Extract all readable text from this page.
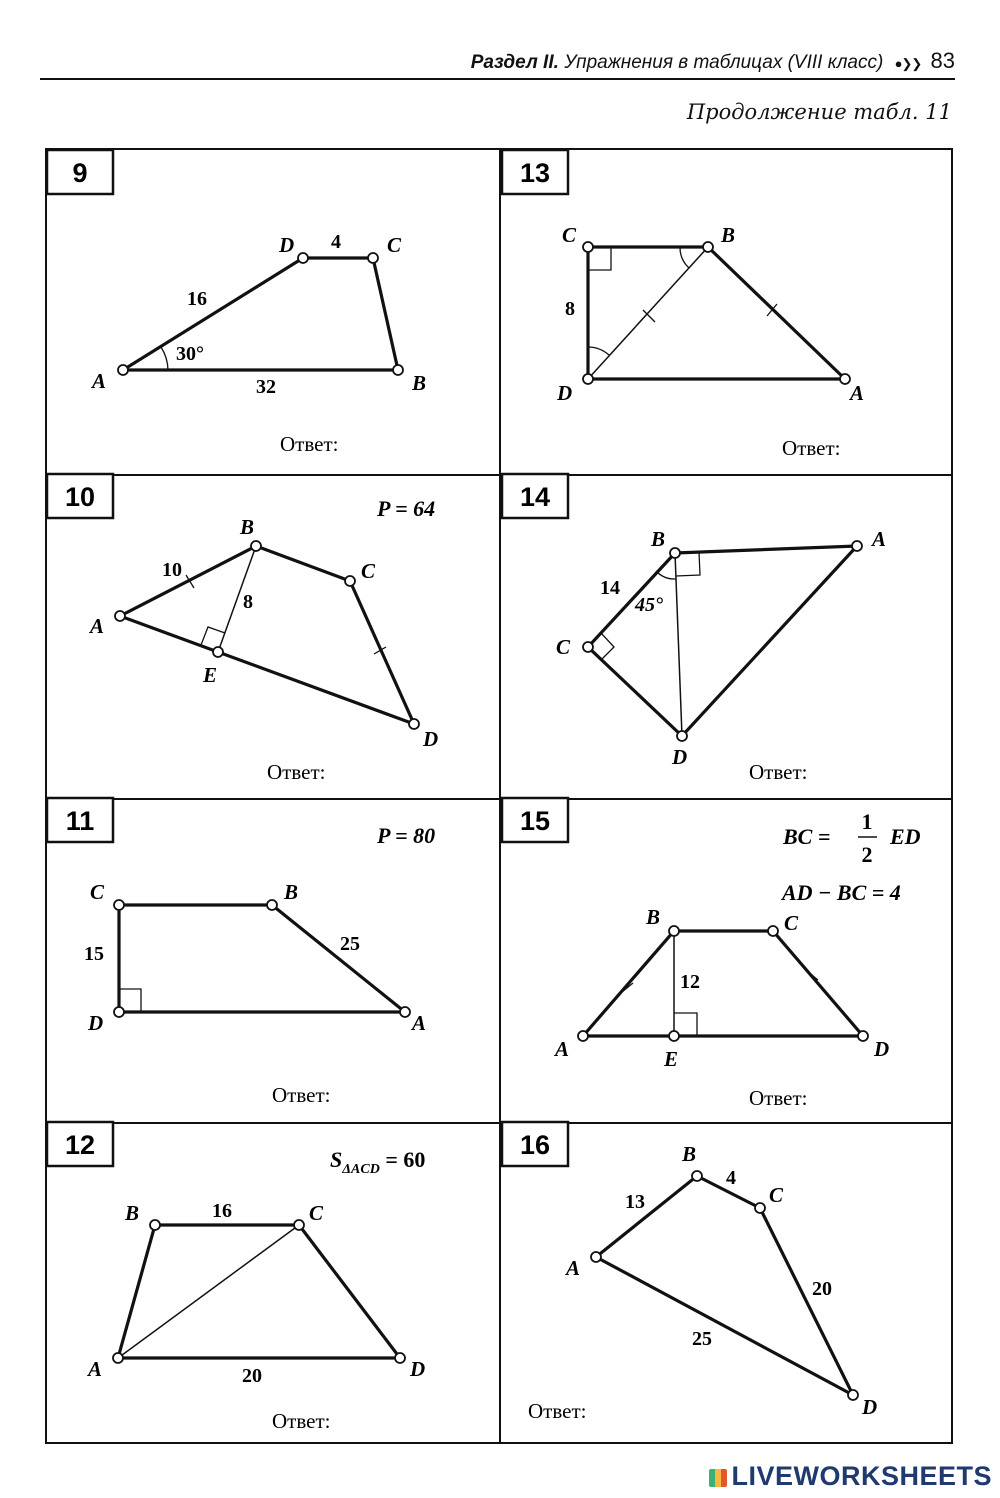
Раздел II. Упражнения в таблицах (VIII класс) ●❯❯ 83
Продолжение табл. 11
9
A
D	C
B
16
4
32
30°
Ответ:
13
C	B
A
D
8
Ответ:
10	P = 64
A
B
C
D
E
10
8
Ответ:
14
B	A
D
C
14
45°
Ответ:
11	P = 80
C	B
A
D
15	25
Ответ:
15
BC =
1
2
ED
AD − BC = 4
A
B	C
D
E
12
Ответ:
12	$S_{\Delta ACD} = 60$
A
B	C
D
16
20
Ответ:
16
A
B
C
D
13
4
20
25
Ответ:
LIVEWORKSHEETS
